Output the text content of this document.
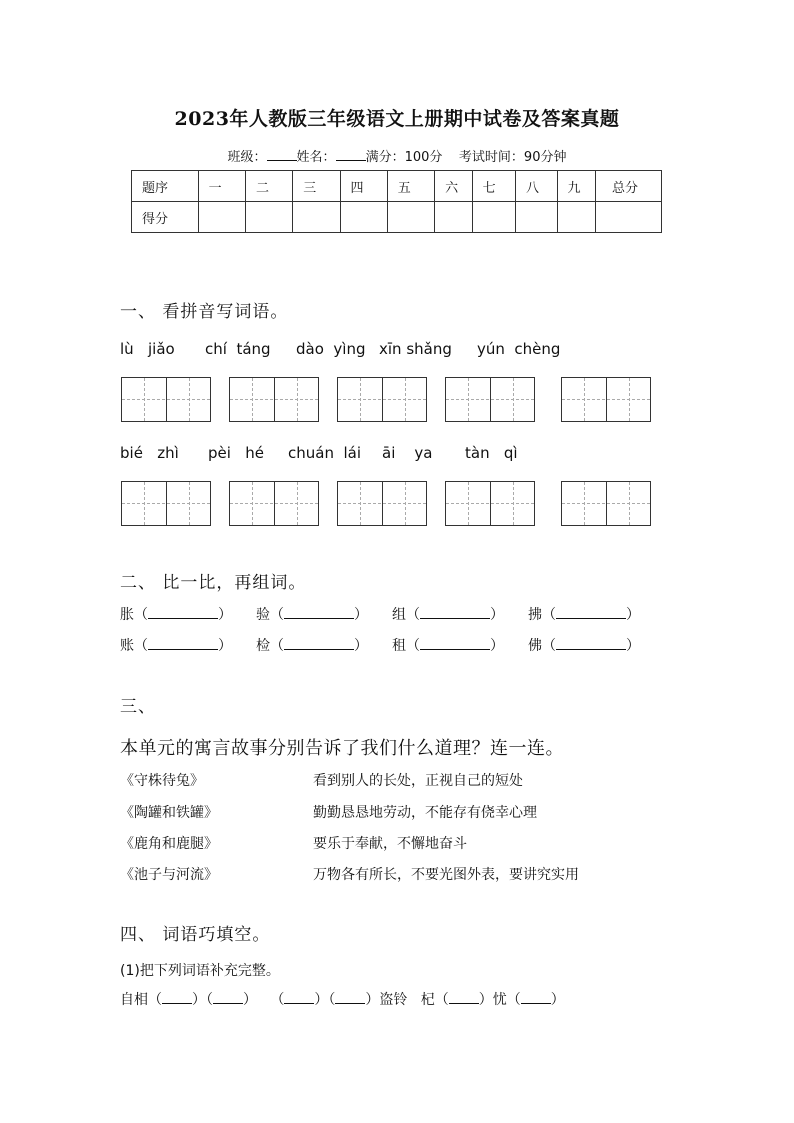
2023年人教版三年级语文上册期中试卷及答案真题
班级： 姓名： 满分：100分 考试时间：90分钟
题序	一	二	三	四	五	六	七	八	九	总分
得分										
一、 看拼音写词语。
lù   jiǎo chí  táng dào  yìng xīn shǎng yún  chèng
bié   zhì pèi   hé chuán  lái āi    ya tàn   qì
二、 比一比，再组词。
胀（	） 验（	） 组（	） 拂（	）
账（	） 检（	） 租（	） 佛（	）
三、
本单元的寓言故事分别告诉了我们什么道理？连一连。
《守株待兔》
《陶罐和铁罐》
《鹿角和鹿腿》
《池子与河流》
看到别人的长处，正视自己的短处
勤勤恳恳地劳动，不能存有侥幸心理
要乐于奉献，不懈地奋斗
万物各有所长，不要光图外表，要讲究实用
四、 词语巧填空。
(1)把下列词语补充完整。
自相（ ）（ ）   （ ）（ ）盗铃 杞（ ）忧（ ）
